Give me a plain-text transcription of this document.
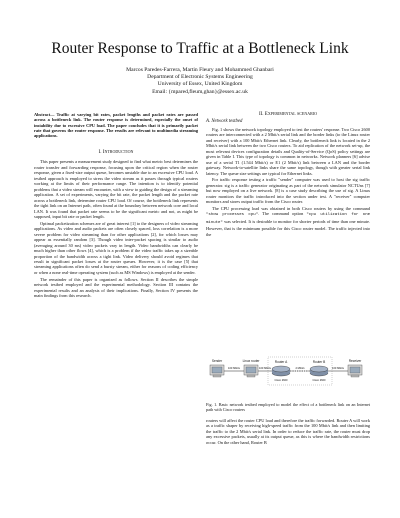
Router Response to Traffic at a Bottleneck Link
Marcos Paredes-Farrera, Martin Fleury and Mohammed Ghanbari
Department of Electronic Systems Engineering
University of Essex, United Kingdom
Email: {mpared,fleum,ghan}@essex.ac.uk
Abstract— Traffic at varying bit rates, packet lengths and packet rates are passed across a bottleneck link. The router response is determined, especially the onset of instability due to excessive CPU load. The paper concludes that it is primarily packet rate that governs the router response. The results are relevant to multimedia streaming applications.
I. Introduction

This paper presents a measurement study designed to find what metric best determines the router transfer and forwarding response, focusing upon the critical region when the router response, given a fixed-size output queue, becomes unstable due to an excessive CPU load. A testbed approach is employed to stress the video stream as it passes through typical routers working at the limits of their performance range. The intention is to identify potential problems that a video stream will encounter, with a view to guiding the design of a streaming application. A set of experiments, varying the bit rate, the packet length and the packet rate across a bottleneck link, determine router CPU load. Of course, the bottleneck link represents the tight link on an Internet path, often found at the boundary between network core and local LAN. It was found that packet rate seems to be the significant metric and not, as might be supposed, input bit rate or packet length.

Optimal packetization schemes are of great interest [1] to the designers of video streaming applications. As video and audio packets are often closely spaced, loss correlation is a more severe problem for video streaming than for other applications [2], for which losses may appear as essentially random [3]. Though video inter-packet spacing is similar to audio (averaging around 30 ms) video packets vary in length. Video bandwidths can clearly be much higher than other flows [4], which is a problem if the video traffic takes up a sizeable proportion of the bandwidth across a tight link. Video delivery should avoid regimes that result in significant packet losses at the router queues. However, it is the case [5] that streaming applications often do send a bursty stream, either for reasons of coding efficiency or when a none real-time operating system (such as MS Windows) is employed at the sender.

The remainder of this paper is organized as follows. Section II describes the simple network testbed employed and the experimental methodology. Section III contains the experimental results and an analysis of their implications. Finally, Section IV presents the main findings from this research.

II. Experimental scenario
A. Network testbed

Fig. 1 shows the network topology employed to test the routers' response. Two Cisco 2600 routers are interconnected with a 2 Mbit/s serial link and the border links (to the Linux router and receiver) with a 100 Mbit/s Ethernet link. Clearly, the bottleneck link is located in the 2 Mbit/s serial link between the two Cisco routers. To aid replication of the network set-up, the most relevant devices configuration details and Quality-of-Service (QoS) policy settings are given in Table I. This type of topology is common in networks. Network planners [6] advise use of a serial T1 (1.544 Mbit/s) or E1 (2 Mbit/s) link between a LAN and the border gateway. Network-to-satellite links share the same topology, though with greater serial link latency. The queue size settings are typical for Ethernet links.

For traffic response testing a traffic "sender" computer was used to host the stg traffic generator. stg is a traffic generator originating as part of the network simulator NCTUns [7] but now employed on a live network. [8] is a case study describing the use of stg. A Linux router monitors the traffic introduced into the section under test. A "receiver" computer monitors and stores output traffic from the Cisco router.

The CPU processing load was obtained in both Cisco routers by using the command "show processes cpu". The command option "cpu utilization for one minute" was selected. It is desirable to monitor for shorter periods of time than one minute. However, that is the minimum possible for this Cisco router model. The traffic injected into the

Sender
100 Mbit/s
Linux router
100 Mbit/s
Router A
Cisco 2600
2 Mbit/s
Router B
Cisco 2600
100 Mbit/s
Receiver
Fig. 1. Basic network testbed employed to model the effect of a bottleneck link on an Internet path with Cisco routers

routers will affect the router CPU load and therefore the traffic forwarded. Router A will work as a traffic shaper by receiving high-speed traffic from the 100 Mbit/s link and then limiting the traffic to the 2 Mbit/s serial link. In order to reduce the traffic rate, the router must drop any excessive packets, usually at its output queue, as this is where the bandwidth restrictions occur. On the other hand, Router B
